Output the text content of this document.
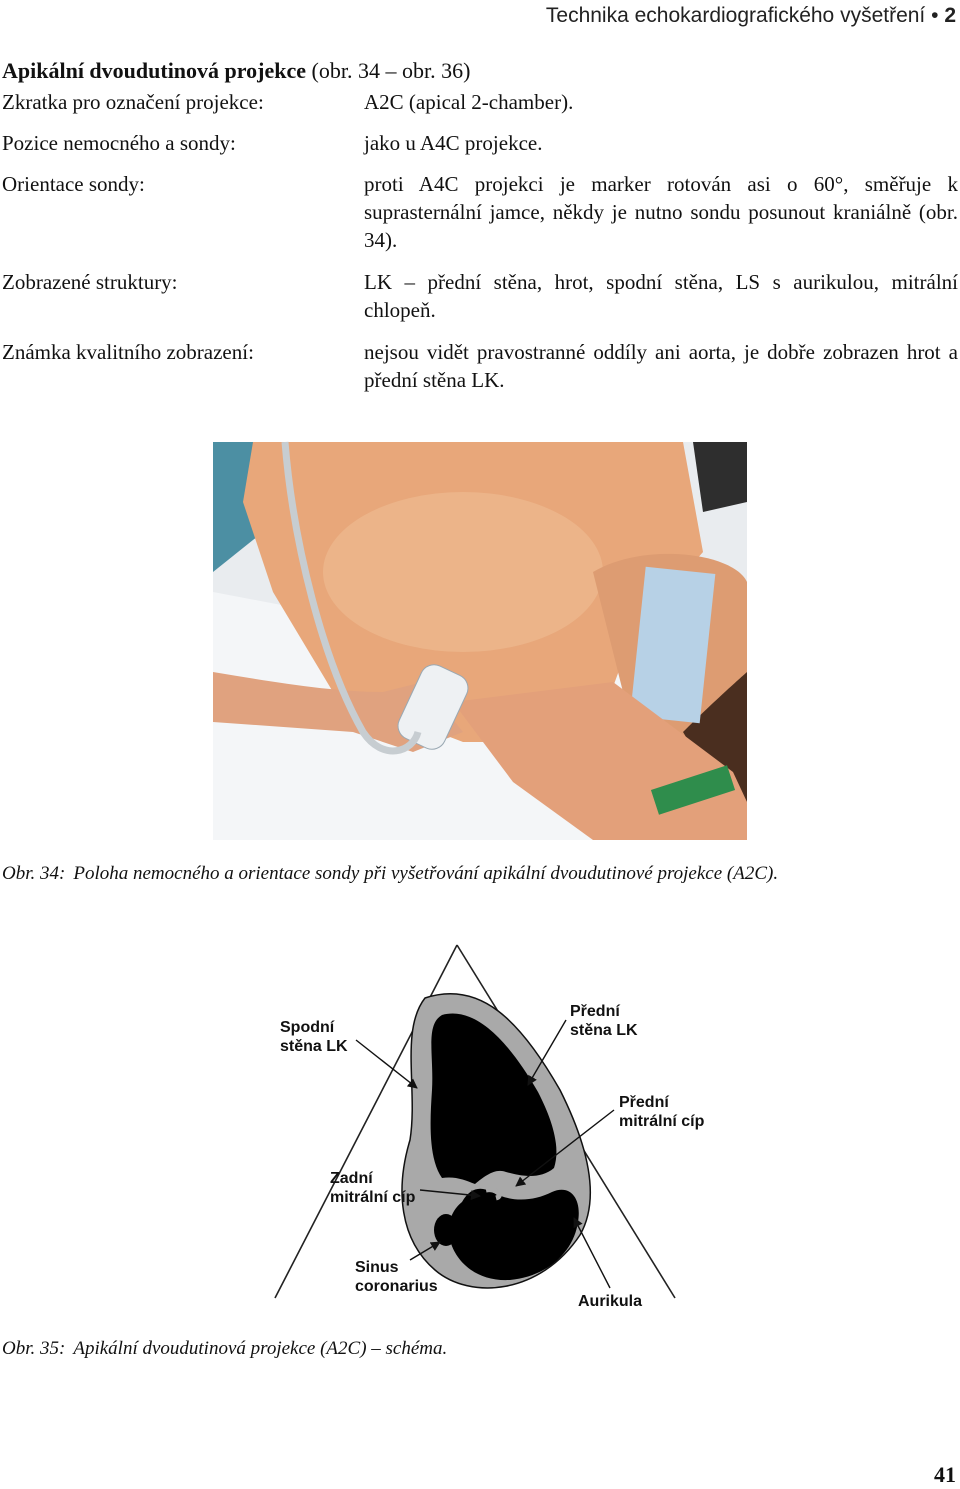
Technika echokardiografického vyšetření • 2
Apikální dvoudutinová projekce (obr. 34 – obr. 36)
Zkratka pro označení projekce:	A2C (apical 2-chamber).
Pozice nemocného a sondy:	jako u A4C projekce.
Orientace sondy:	proti A4C projekci je marker rotován asi o 60°, směřuje k suprasternální jamce, někdy je nutno sondu posunout kraniálně (obr. 34).
Zobrazené struktury:	LK – přední stěna, hrot, spodní stěna, LS s aurikulou, mitrální chlopeň.
Známka kvalitního zobrazení:	nejsou vidět pravostranné oddíly ani aorta, je dobře zobrazen hrot a přední stěna LK.
Obr. 34: Poloha nemocného a orientace sondy při vyšetřování apikální dvoudutinové projekce (A2C).
Spodní
stěna LK
Přední
stěna LK
Přední
mitrální cíp
Zadní
mitrální cíp
Sinus
coronarius
Aurikula
Obr. 35: Apikální dvoudutinová projekce (A2C) – schéma.
41
